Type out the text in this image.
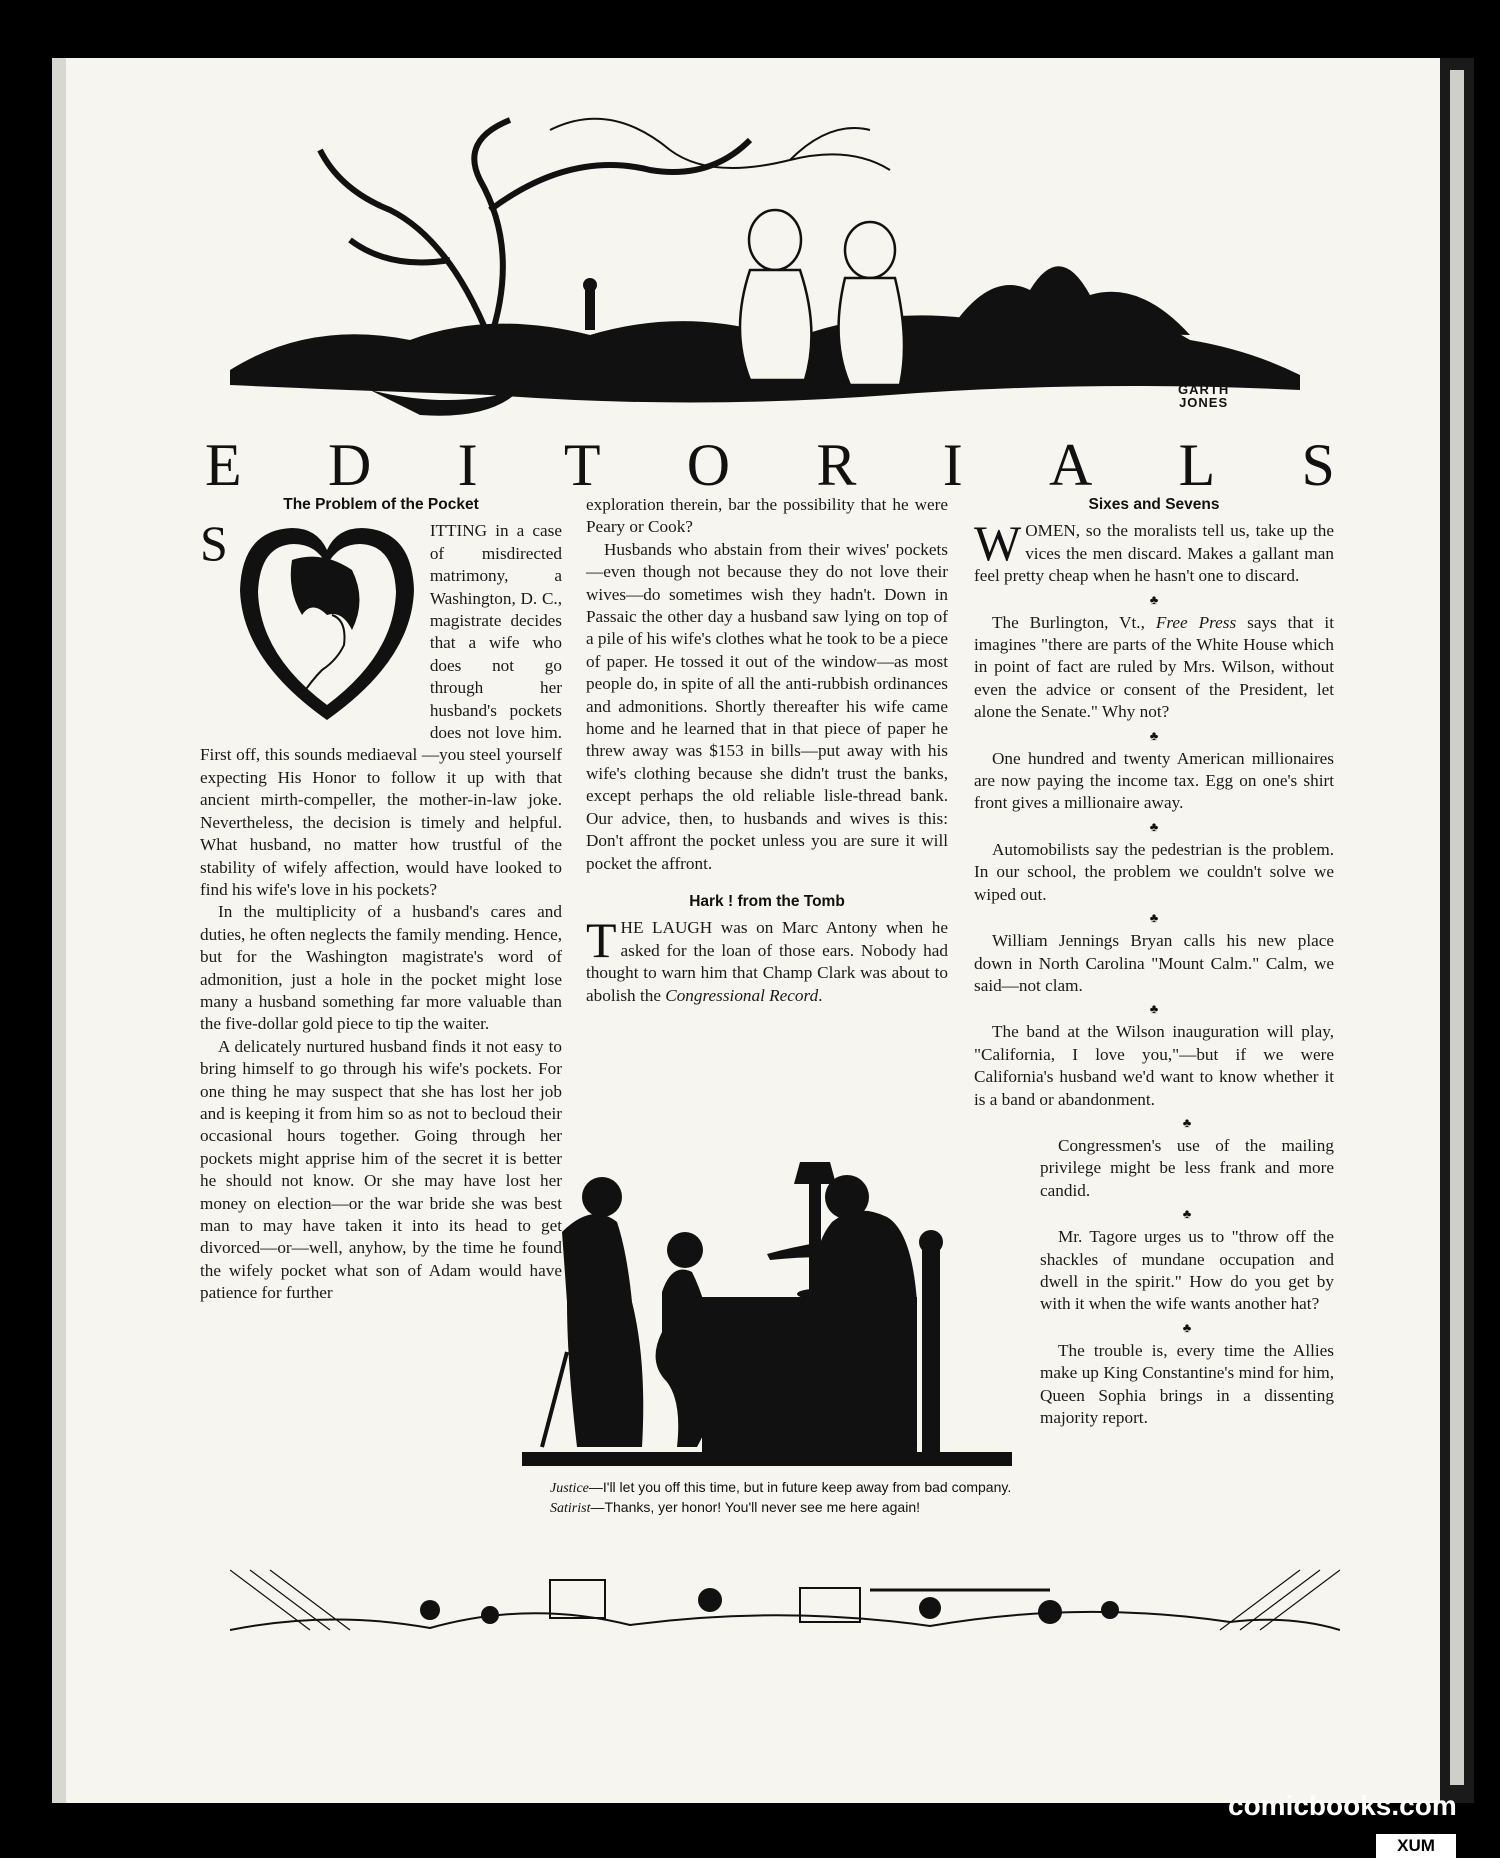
GARTH
JONES
E D I T O R I A L S
The Problem of the Pocket

S	ITTING in a case of misdirected matrimony, a Washington, D. C., magistrate decides that a wife who does not go through her husband's pockets does not love him. First off, this sounds mediaeval —you steel yourself expecting His Honor to follow it up with that ancient mirth-compeller, the mother-in-law joke. Nevertheless, the decision is timely and helpful. What husband, no matter how trustful of the stability of wifely affection, would have looked to find his wife's love in his pockets?

In the multiplicity of a husband's cares and duties, he often neglects the family mending. Hence, but for the Washington magistrate's word of admonition, just a hole in the pocket might lose many a husband something far more valuable than the five-dollar gold piece to tip the waiter.

A delicately nurtured husband finds it not easy to bring himself to go through his wife's pockets. For one thing he may suspect that she has lost her job and is keeping it from him so as not to becloud their occasional hours together. Going through her pockets might apprise him of the secret it is better he should not know. Or she may have lost her money on election—or the war bride she was best man to may have taken it into its head to get divorced—or—well, anyhow, by the time he found the wifely pocket what son of Adam would have patience for further

exploration therein, bar the possibility that he were Peary or Cook?

Husbands who abstain from their wives' pockets—even though not because they do not love their wives—do sometimes wish they hadn't. Down in Passaic the other day a husband saw lying on top of a pile of his wife's clothes what he took to be a piece of paper. He tossed it out of the window—as most people do, in spite of all the anti-rubbish ordinances and admonitions. Shortly thereafter his wife came home and he learned that in that piece of paper he threw away was $153 in bills—put away with his wife's clothing because she didn't trust the banks, except perhaps the old reliable lisle-thread bank. Our advice, then, to husbands and wives is this: Don't affront the pocket unless you are sure it will pocket the affront.

Hark ! from the Tomb

T HE LAUGH was on Marc Antony when he asked for the loan of those ears. Nobody had thought to warn him that Champ Clark was about to abolish the Congressional Record.

Sixes and Sevens

W OMEN, so the moralists tell us, take up the vices the men discard. Makes a gallant man feel pretty cheap when he hasn't one to discard.

♣

The Burlington, Vt., Free Press says that it imagines "there are parts of the White House which in point of fact are ruled by Mrs. Wilson, without even the advice or consent of the President, let alone the Senate." Why not?

♣

One hundred and twenty American millionaires are now paying the income tax. Egg on one's shirt front gives a millionaire away.

♣

Automobilists say the pedestrian is the problem. In our school, the problem we couldn't solve we wiped out.

♣

William Jennings Bryan calls his new place down in North Carolina "Mount Calm." Calm, we said—not clam.

♣

The band at the Wilson inauguration will play, "California, I love you,"—but if we were California's husband we'd want to know whether it is a band or abandonment.

♣

Congressmen's use of the mailing privilege might be less frank and more candid.

♣

Mr. Tagore urges us to "throw off the shackles of mundane occupation and dwell in the spirit." How do you get by with it when the wife wants another hat?

♣

The trouble is, every time the Allies make up King Constantine's mind for him, Queen Sophia brings in a dissenting majority report.

Justice—I'll let you off this time, but in future keep away from bad company.

Satirist—Thanks, yer honor! You'll never see me here again!

comicbooks.com
XUM
